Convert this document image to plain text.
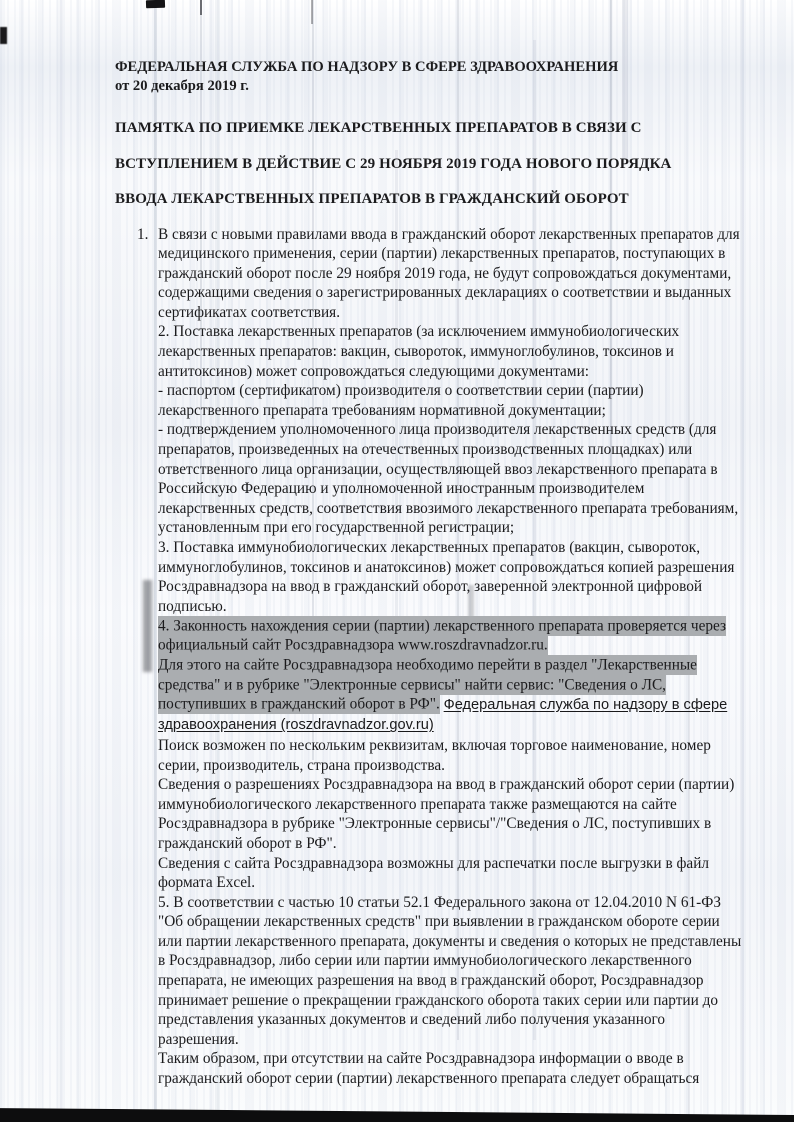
ФЕДЕРАЛЬНАЯ СЛУЖБА ПО НАДЗОРУ В СФЕРЕ ЗДРАВООХРАНЕНИЯ

от 20 декабря 2019 г.

ПАМЯТКА ПО ПРИЕМКЕ ЛЕКАРСТВЕННЫХ ПРЕПАРАТОВ В СВЯЗИ С

ВСТУПЛЕНИЕМ В ДЕЙСТВИЕ С 29 НОЯБРЯ 2019 ГОДА НОВОГО ПОРЯДКА

ВВОДА ЛЕКАРСТВЕННЫХ ПРЕПАРАТОВ В ГРАЖДАНСКИЙ ОБОРОТ

1. В связи с новыми правилами ввода в гражданский оборот лекарственных препаратов для медицинского применения, серии (партии) лекарственных препаратов, поступающих в гражданский оборот после 29 ноября 2019 года, не будут сопровождаться документами, содержащими сведения о зарегистрированных декларациях о соответствии и выданных сертификатах соответствия.

2. Поставка лекарственных препаратов (за исключением иммунобиологических лекарственных препаратов: вакцин, сывороток, иммуноглобулинов, токсинов и антитоксинов) может сопровождаться следующими документами:

- паспортом (сертификатом) производителя о соответствии серии (партии) лекарственного препарата требованиям нормативной документации;

- подтверждением уполномоченного лица производителя лекарственных средств (для препаратов, произведенных на отечественных производственных площадках) или ответственного лица организации, осуществляющей ввоз лекарственного препарата в Российскую Федерацию и уполномоченной иностранным производителем лекарственных средств, соответствия ввозимого лекарственного препарата требованиям, установленным при его государственной регистрации;

3. Поставка иммунобиологических лекарственных препаратов (вакцин, сывороток, иммуноглобулинов, токсинов и анатоксинов) может сопровождаться копией разрешения Росздравнадзора на ввод в гражданский оборот, заверенной электронной цифровой подписью.

4. Законность нахождения серии (партии) лекарственного препарата проверяется через официальный сайт Росздравнадзора www.roszdravnadzor.ru.

Для этого на сайте Росздравнадзора необходимо перейти в раздел "Лекарственные средства" и в рубрике "Электронные сервисы" найти сервис: "Сведения о ЛС, поступивших в гражданский оборот в РФ". Федеральная служба по надзору в сфере здравоохранения (roszdravnadzor.gov.ru)

Поиск возможен по нескольким реквизитам, включая торговое наименование, номер серии, производитель, страна производства.

Сведения о разрешениях Росздравнадзора на ввод в гражданский оборот серии (партии) иммунобиологического лекарственного препарата также размещаются на сайте Росздравнадзора в рубрике "Электронные сервисы"/"Сведения о ЛС, поступивших в гражданский оборот в РФ".

Сведения с сайта Росздравнадзора возможны для распечатки после выгрузки в файл формата Excel.

5. В соответствии с частью 10 статьи 52.1 Федерального закона от 12.04.2010 N 61-ФЗ "Об обращении лекарственных средств" при выявлении в гражданском обороте серии или партии лекарственного препарата, документы и сведения о которых не представлены в Росздравнадзор, либо серии или партии иммунобиологического лекарственного препарата, не имеющих разрешения на ввод в гражданский оборот, Росздравнадзор принимает решение о прекращении гражданского оборота таких серии или партии до представления указанных документов и сведений либо получения указанного разрешения.

Таким образом, при отсутствии на сайте Росздравнадзора информации о вводе в гражданский оборот серии (партии) лекарственного препарата следует обращаться
